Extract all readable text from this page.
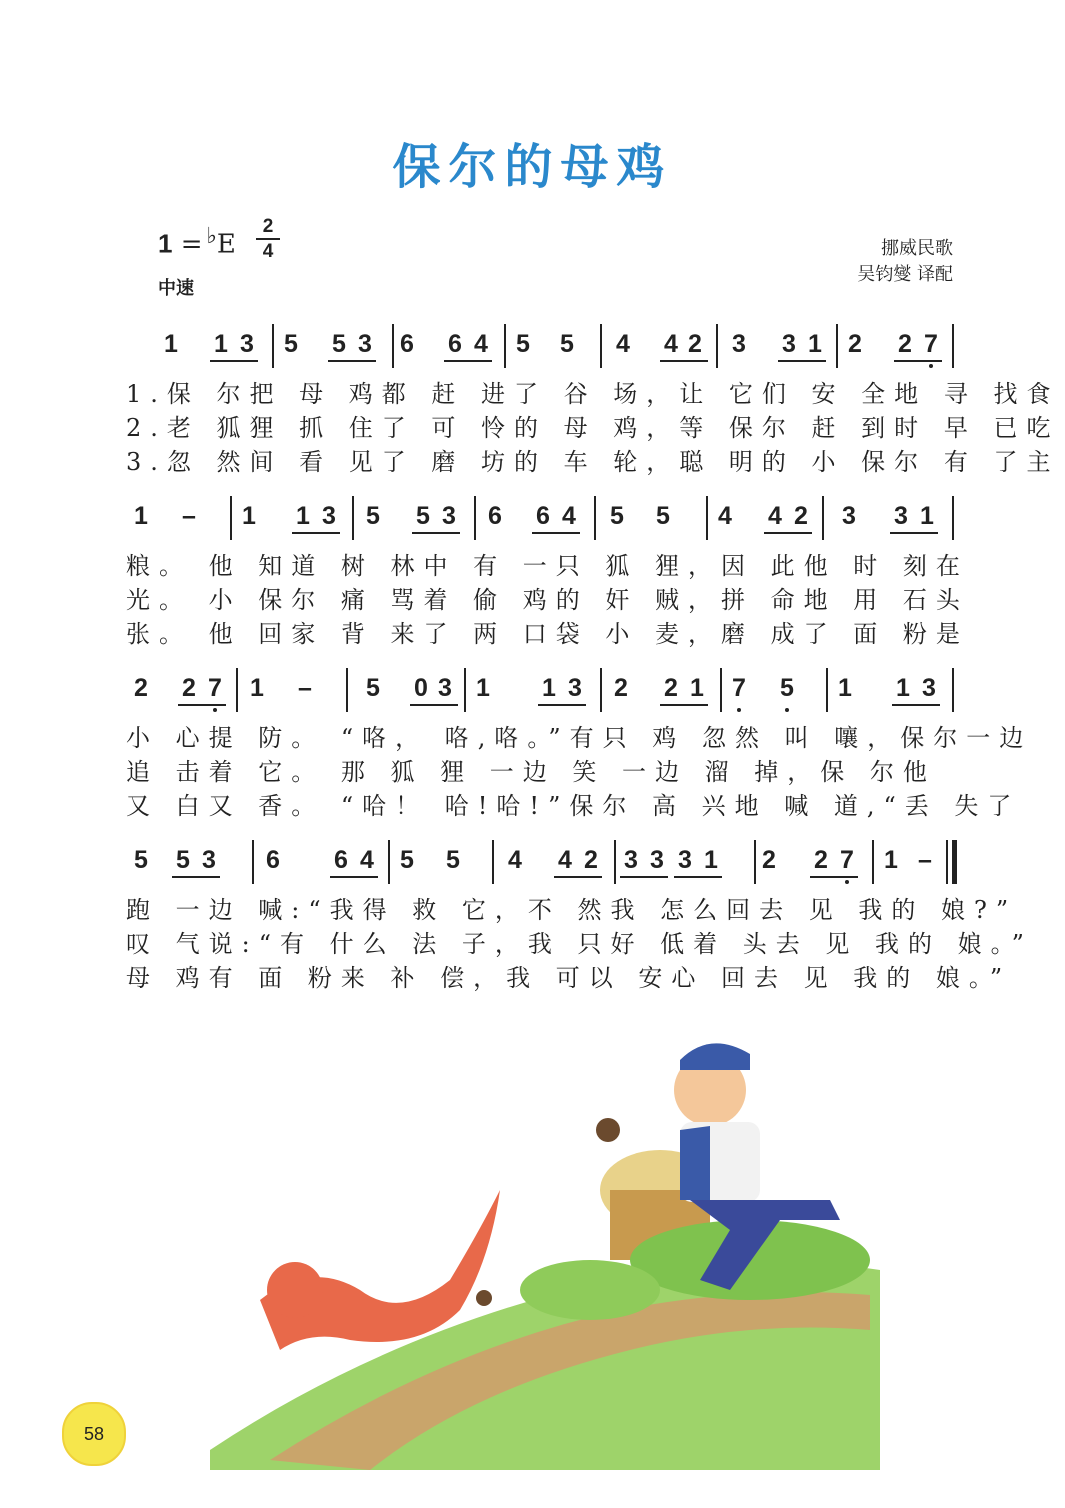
保尔的母鸡
1 = ♭E
2
4
中速
挪威民歌
吴钧燮 译配
1 1 3 5 5 3 6 6 4 5 5 4 4 2 3 3 1 2 2 7
1.保 尔把 母 鸡都 赶 进了 谷 场，让 它们 安 全地 寻 找食
2.老 狐狸 抓 住了 可 怜的 母 鸡，等 保尔 赶 到时 早 已吃
3.忽 然间 看 见了 磨 坊的 车 轮，聪 明的 小 保尔 有 了主
1 – 1 1 3 5 5 3 6 6 4 5 5 4 4 2 3 3 1
粮。 他 知道 树 林中 有 一只 狐 狸，因 此他 时 刻在
光。 小 保尔 痛 骂着 偷 鸡的 奸 贼，拼 命地 用 石头
张。 他 回家 背 来了 两 口袋 小 麦，磨 成了 面 粉是
2 2 7 1 – 5 0 3 1 1 3 2 2 1 7 5 1 1 3
小 心提 防。 “咯， 咯,咯。”有只 鸡 忽然 叫 嚷，保尔一边
追 击着 它。 那 狐 狸 一边 笑 一边 溜 掉，保 尔他
又 白又 香。 “哈！ 哈!哈!”保尔 高 兴地 喊 道,“丢 失了
5 5 3 6 6 4 5 5 4 4 2 3 3 3 1 2 2 7 1 –
跑 一边 喊:“我得 救 它，不 然我 怎么回去 见 我的 娘?”
叹 气说:“有 什么 法 子，我 只好 低着 头去 见 我的 娘。”
母 鸡有 面 粉来 补 偿，我 可以 安心 回去 见 我的 娘。”
58
